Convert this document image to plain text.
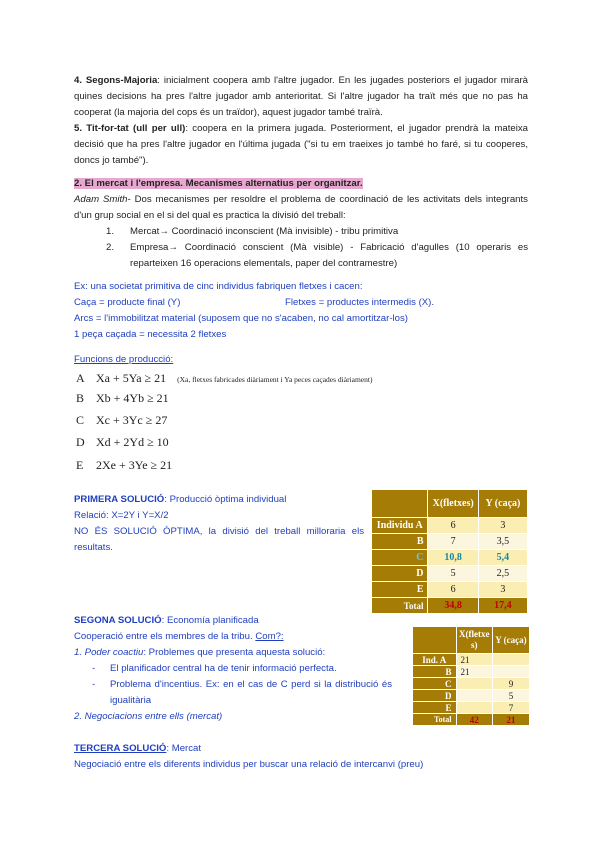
4. Segons-Majoria: inicialment coopera amb l'altre jugador. En les jugades posteriors el jugador mirarà quines decisions ha pres l'altre jugador amb anterioritat. Si l'altre jugador ha traït més que no pas ha cooperat (la majoria del cops és un traïdor), aquest jugador també traïrà.
5. Tit-for-tat (ull per ull): coopera en la primera jugada. Posteriorment, el jugador prendrà la mateixa decisió que ha pres l'altre jugador en l'última jugada ("si tu em traeixes jo també ho faré, si tu cooperes, doncs jo també").
2. El mercat i l'empresa. Mecanismes alternatius per organitzar.
Adam Smith- Dos mecanismes per resoldre el problema de coordinació de les activitats dels integrants d'un grup social en el si del qual es practica la divisió del treball:
1. Mercat→ Coordinació inconscient (Mà invisible) - tribu primitiva
2. Empresa→ Coordinació conscient (Mà visible) - Fabricació d'agulles (10 operaris es reparteixen 16 operacions elementals, paper del contramestre)
Ex: una societat primitiva de cinc individus fabriquen fletxes i cacen:
Caça = producte final (Y)	Fletxes = productes intermedis (X).
Arcs = l'immobilitzat material (suposem que no s'acaben, no cal amortitzar-los)
1 peça caçada = necessita 2 fletxes
Funcions de producció:
A Xa + 5Ya ≥ 21 (Xa, fletxes fabricades diàriament i Ya peces caçades diàriament)
B Xb + 4Yb ≥ 21
C Xc + 3Yc ≥ 27
D Xd + 2Yd ≥ 10
E 2Xe + 3Ye ≥ 21
PRIMERA SOLUCIÓ: Producció òptima individual
Relació: X=2Y i Y=X/2
NO ÉS SOLUCIÓ ÒPTIMA, la divisió del treball milloraria els resultats.
	X(fletxes)	Y (caça)
Individu A	6	3
B	7	3,5
C	10,8	5,4
D	5	2,5
E	6	3
Total	34,8	17,4
SEGONA SOLUCIÓ: Economía planificada
Cooperació entre els membres de la tribu. Com?:
1. Poder coactiu: Problemes que presenta aquesta solució:
- El planificador central ha de tenir informació perfecta.
- Problema d'incentius. Ex: en el cas de C perd si la distribució és igualitària
2. Negociacions entre ells (mercat)
	X(fletxes)	Y (caça)
Ind. A	21	
B	21	
C		9
D		5
E		7
Total	42	21
TERCERA SOLUCIÓ: Mercat
Negociació entre els diferents individus per buscar una relació de intercanvi (preu)
